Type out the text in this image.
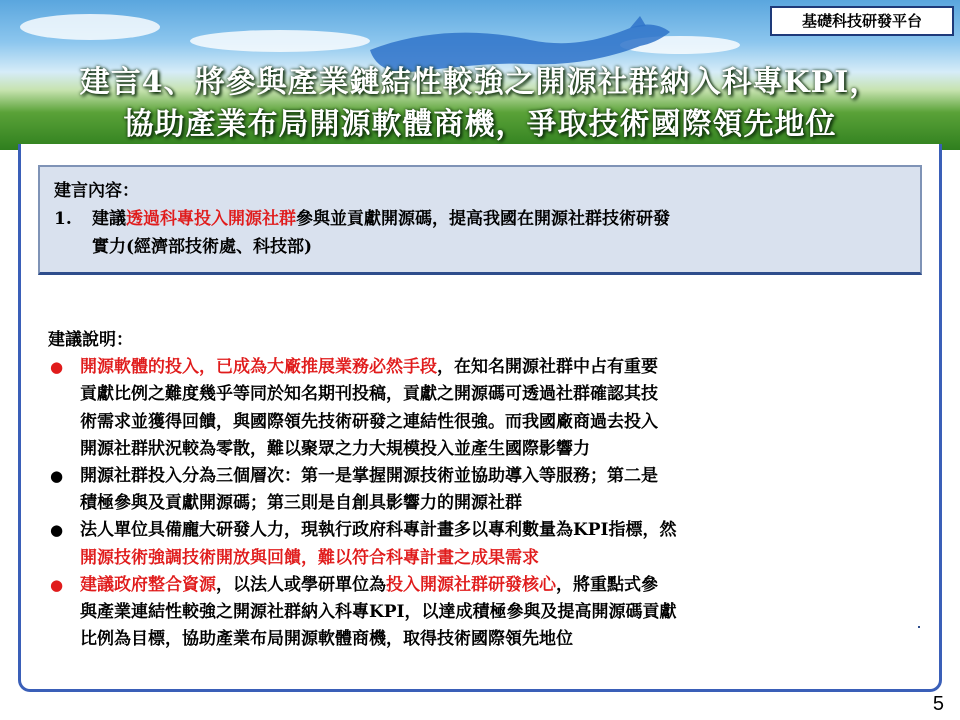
基礎科技研發平台
建言4、將參與產業鏈結性較強之開源社群納入科專KPI，
協助產業布局開源軟體商機，爭取技術國際領先地位
建言內容：
1. 建議透過科專投入開源社群參與並貢獻開源碼，提高我國在開源社群技術研發
實力(經濟部技術處、科技部)
建議說明：
● 開源軟體的投入，已成為大廠推展業務必然手段，在知名開源社群中占有重要
貢獻比例之難度幾乎等同於知名期刊投稿，貢獻之開源碼可透過社群確認其技
術需求並獲得回饋，與國際領先技術研發之連結性很強。而我國廠商過去投入
開源社群狀況較為零散，難以聚眾之力大規模投入並產生國際影響力
● 開源社群投入分為三個層次：第一是掌握開源技術並協助導入等服務；第二是
積極參與及貢獻開源碼；第三則是自創具影響力的開源社群
● 法人單位具備龐大研發人力，現執行政府科專計畫多以專利數量為KPI指標，然
開源技術強調技術開放與回饋，難以符合科專計畫之成果需求
● 建議政府整合資源，以法人或學研單位為投入開源社群研發核心，將重點式參
與產業連結性較強之開源社群納入科專KPI，以達成積極參與及提高開源碼貢獻
比例為目標，協助產業布局開源軟體商機，取得技術國際領先地位
5
